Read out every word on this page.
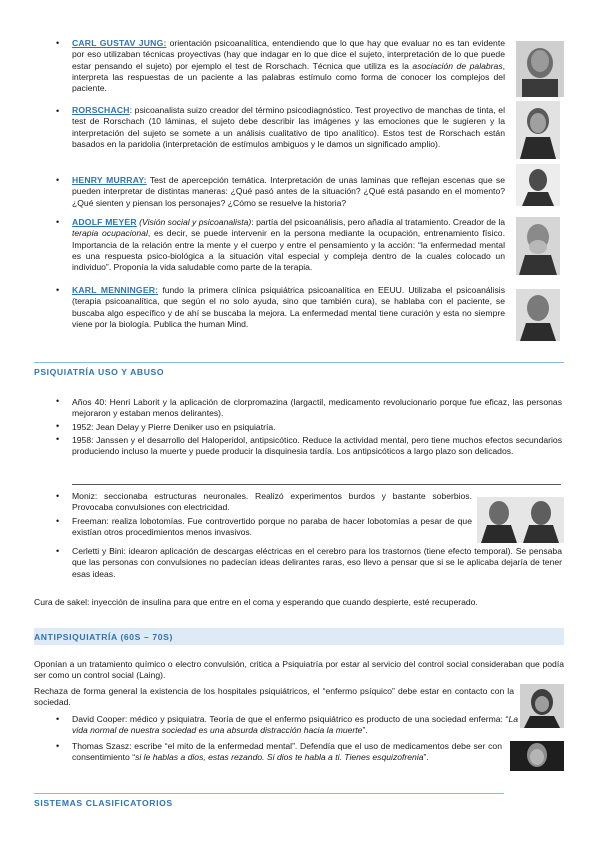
• CARL GUSTAV JUNG: orientación psicoanalítica, entendiendo que lo que hay que evaluar no es tan evidente por eso utilizaban técnicas proyectivas (hay que indagar en lo que dice el sujeto, interpretación de lo que puede estar pensando el sujeto) por ejemplo el test de Rorschach. Técnica que utiliza es la asociación de palabras, interpreta las respuestas de un paciente a las palabras estímulo como forma de conocer los complejos del paciente.

• RORSCHACH: psicoanalista suizo creador del término psicodiagnóstico. Test proyectivo de manchas de tinta, el test de Rorschach (10 láminas, el sujeto debe describir las imágenes y las emociones que le sugieren y la interpretación del sujeto se somete a un análisis cualitativo de tipo analítico). Estos test de Rorschach están basados en la paridolia (interpretación de estímulos ambiguos y le damos un significado amplio).

• HENRY MURRAY: Test de apercepción temática. Interpretación de unas laminas que reflejan escenas que se pueden interpretar de distintas maneras: ¿Qué pasó antes de la situación? ¿Qué está pasando en el momento? ¿Qué sienten y piensan los personajes? ¿Cómo se resuelve la historia?

• ADOLF MEYER (Visión social y psicoanalista): partía del psicoanálisis, pero añadía al tratamiento. Creador de la terapia ocupacional, es decir, se puede intervenir en la persona mediante la ocupación, entrenamiento físico. Importancia de la relación entre la mente y el cuerpo y entre el pensamiento y la acción: “la enfermedad mental es una respuesta psico-biológica a la situación vital especial y compleja dentro de la cuales colocado un individuo”. Proponía la vida saludable como parte de la terapia.

• KARL MENNINGER: fundo la primera clínica psiquiátrica psicoanalítica en EEUU. Utilizaba el psicoanálisis (terapia psicoanalítica, que según el no solo ayuda, sino que también cura), se hablaba con el paciente, se buscaba algo específico y de ahí se buscaba la mejora. La enfermedad mental tiene curación y esta no siempre viene por la biología. Publica the human Mind.

PSIQUIATRÍA USO Y ABUSO
• Años 40: Henri Laborit y la aplicación de clorpromazina (largactil, medicamento revolucionario porque fue eficaz, las personas mejoraron y estaban menos delirantes).

• 1952: Jean Delay y Pierre Deniker uso en psiquiatría.

• 1958: Janssen y el desarrollo del Haloperidol, antipsicótico. Reduce la actividad mental, pero tiene muchos efectos secundarios produciendo incluso la muerte y puede producir la disquinesia tardía. Los antipsicóticos a largo plazo son delicados.

• Moniz: seccionaba estructuras neuronales. Realizó experimentos burdos y bastante soberbios. Provocaba convulsiones con electricidad.

• Freeman: realiza lobotomías. Fue controvertido porque no paraba de hacer lobotomías a pesar de que existían otros procedimientos menos invasivos.

• Cerletti y Bini: idearon aplicación de descargas eléctricas en el cerebro para los trastornos (tiene efecto temporal). Se pensaba que las personas con convulsiones no padecían ideas delirantes raras, eso llevo a pensar que si se le aplicaba dejaría de tener esas ideas.

Cura de sakel: inyección de insulina para que entre en el coma y esperando que cuando despierte, esté recuperado.

ANTIPSIQUIATRÍA (60S – 70S)

Oponían a un tratamiento químico o electro convulsión, critica a Psiquiatría por estar al servicio del control social consideraban que podía ser como un control social (Laing).

Rechaza de forma general la existencia de los hospitales psiquiátricos, el “enfermo psíquico” debe estar en contacto con la sociedad.

• David Cooper: médico y psiquiatra. Teoría de que el enfermo psiquiátrico es producto de una sociedad enferma: “La vida normal de nuestra sociedad es una absurda distracción hacia la muerte”.

• Thomas Szasz: escribe “el mito de la enfermedad mental”. Defendía que el uso de medicamentos debe ser con consentimiento “si le hablas a dios, estas rezando. Si dios te habla a ti. Tienes esquizofrenia”.

SISTEMAS CLASIFICATORIOS
